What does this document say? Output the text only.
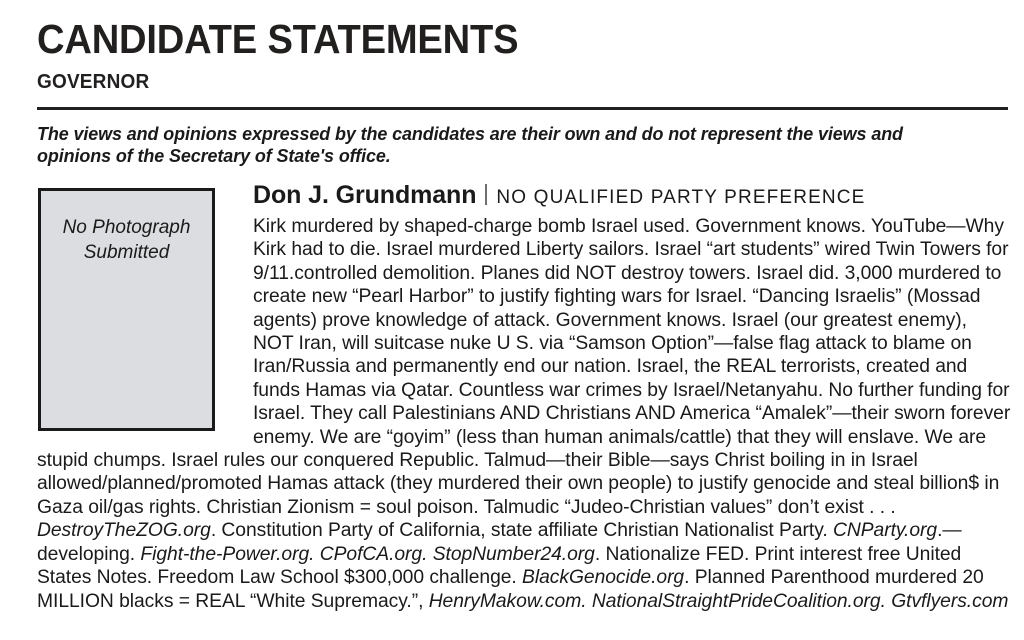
CANDIDATE STATEMENTS
GOVERNOR

The views and opinions expressed by the candidates are their own and do not represent the views and opinions of the Secretary of State's office.

No Photograph Submitted
Don J. Grundmann NO QUALIFIED PARTY PREFERENCE
Kirk murdered by shaped-charge bomb Israel used. Government knows. YouTube—Why Kirk had to die. Israel murdered Liberty sailors. Israel “art students” wired Twin Towers for 9/11.controlled demolition. Planes did NOT destroy towers. Israel did. 3,000 murdered to create new “Pearl Harbor” to justify fighting wars for Israel. “Dancing Israelis” (Mossad agents) prove knowledge of attack. Government knows. Israel (our greatest enemy), NOT Iran, will suitcase nuke U S. via “Samson Option”—false flag attack to blame on Iran/Russia and permanently end our nation. Israel, the REAL terrorists, created and funds Hamas via Qatar. Countless war crimes by Israel/Netanyahu. No further funding for Israel. They call Palestinians AND Christians AND America “Amalek”—their sworn forever enemy. We are “goyim” (less than human animals/cattle) that they will enslave. We are stupid chumps. Israel rules our conquered Republic. Talmud—their Bible—says Christ boiling in in Israel allowed/planned/promoted Hamas attack (they murdered their own people) to justify genocide and steal billion$ in Gaza oil/gas rights. Christian Zionism = soul poison. Talmudic “Judeo-Christian values” don’t exist . . . DestroyTheZOG.org. Constitution Party of California, state affiliate Christian Nationalist Party. CNParty.org.—developing. Fight-the-Power.org. CPofCA.org. StopNumber24.org. Nationalize FED. Print interest free United States Notes. Freedom Law School $300,000 challenge. BlackGenocide.org. Planned Parenthood murdered 20 MILLION blacks = REAL “White Supremacy.”, HenryMakow.com. NationalStraightPrideCoalition.org. Gtvflyers.com
